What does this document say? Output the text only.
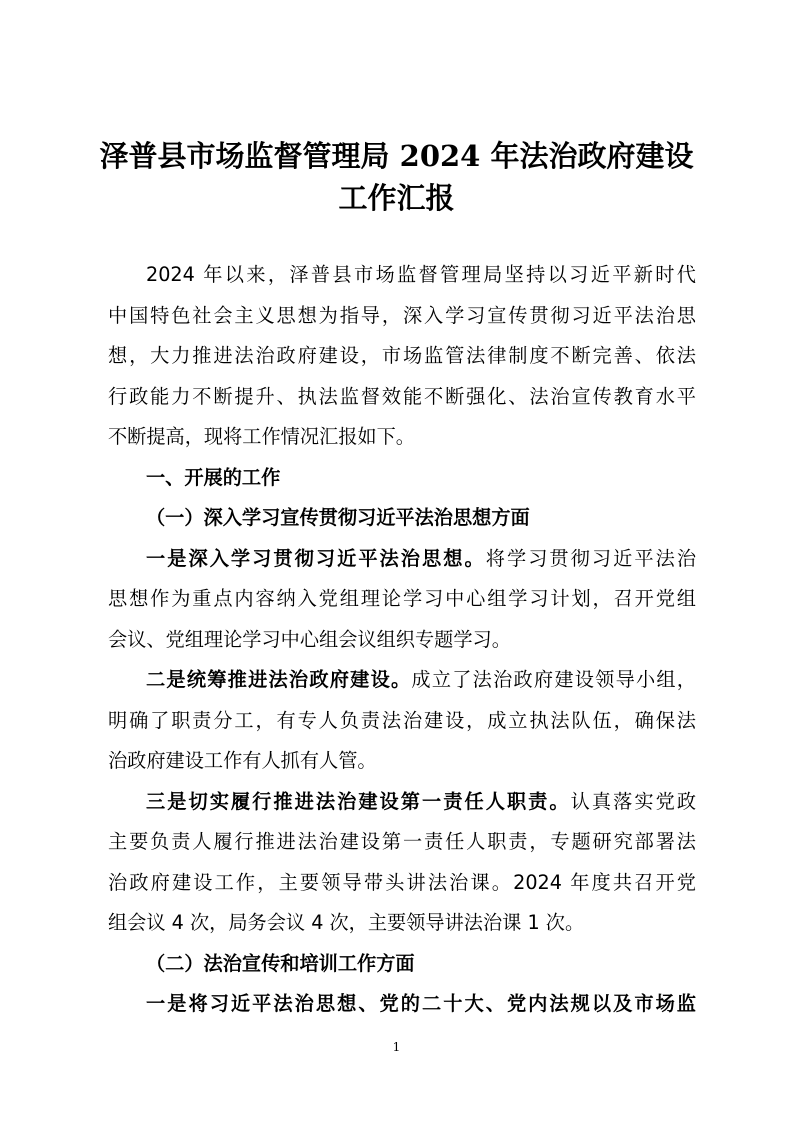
泽普县市场监督管理局 2024 年法治政府建设
工作汇报
2024 年以来，泽普县市场监督管理局坚持以习近平新时代
中国特色社会主义思想为指导，深入学习宣传贯彻习近平法治思
想，大力推进法治政府建设，市场监管法律制度不断完善、依法
行政能力不断提升、执法监督效能不断强化、法治宣传教育水平
不断提高，现将工作情况汇报如下。
一、开展的工作
（一）深入学习宣传贯彻习近平法治思想方面
一是深入学习贯彻习近平法治思想。将学习贯彻习近平法治
思想作为重点内容纳入党组理论学习中心组学习计划，召开党组
会议、党组理论学习中心组会议组织专题学习。
二是统筹推进法治政府建设。成立了法治政府建设领导小组，
明确了职责分工，有专人负责法治建设，成立执法队伍，确保法
治政府建设工作有人抓有人管。
三是切实履行推进法治建设第一责任人职责。认真落实党政
主要负责人履行推进法治建设第一责任人职责，专题研究部署法
治政府建设工作，主要领导带头讲法治课。2024 年度共召开党
组会议 4 次，局务会议 4 次，主要领导讲法治课 1 次。
（二）法治宣传和培训工作方面
一是将习近平法治思想、党的二十大、党内法规以及市场监
1
